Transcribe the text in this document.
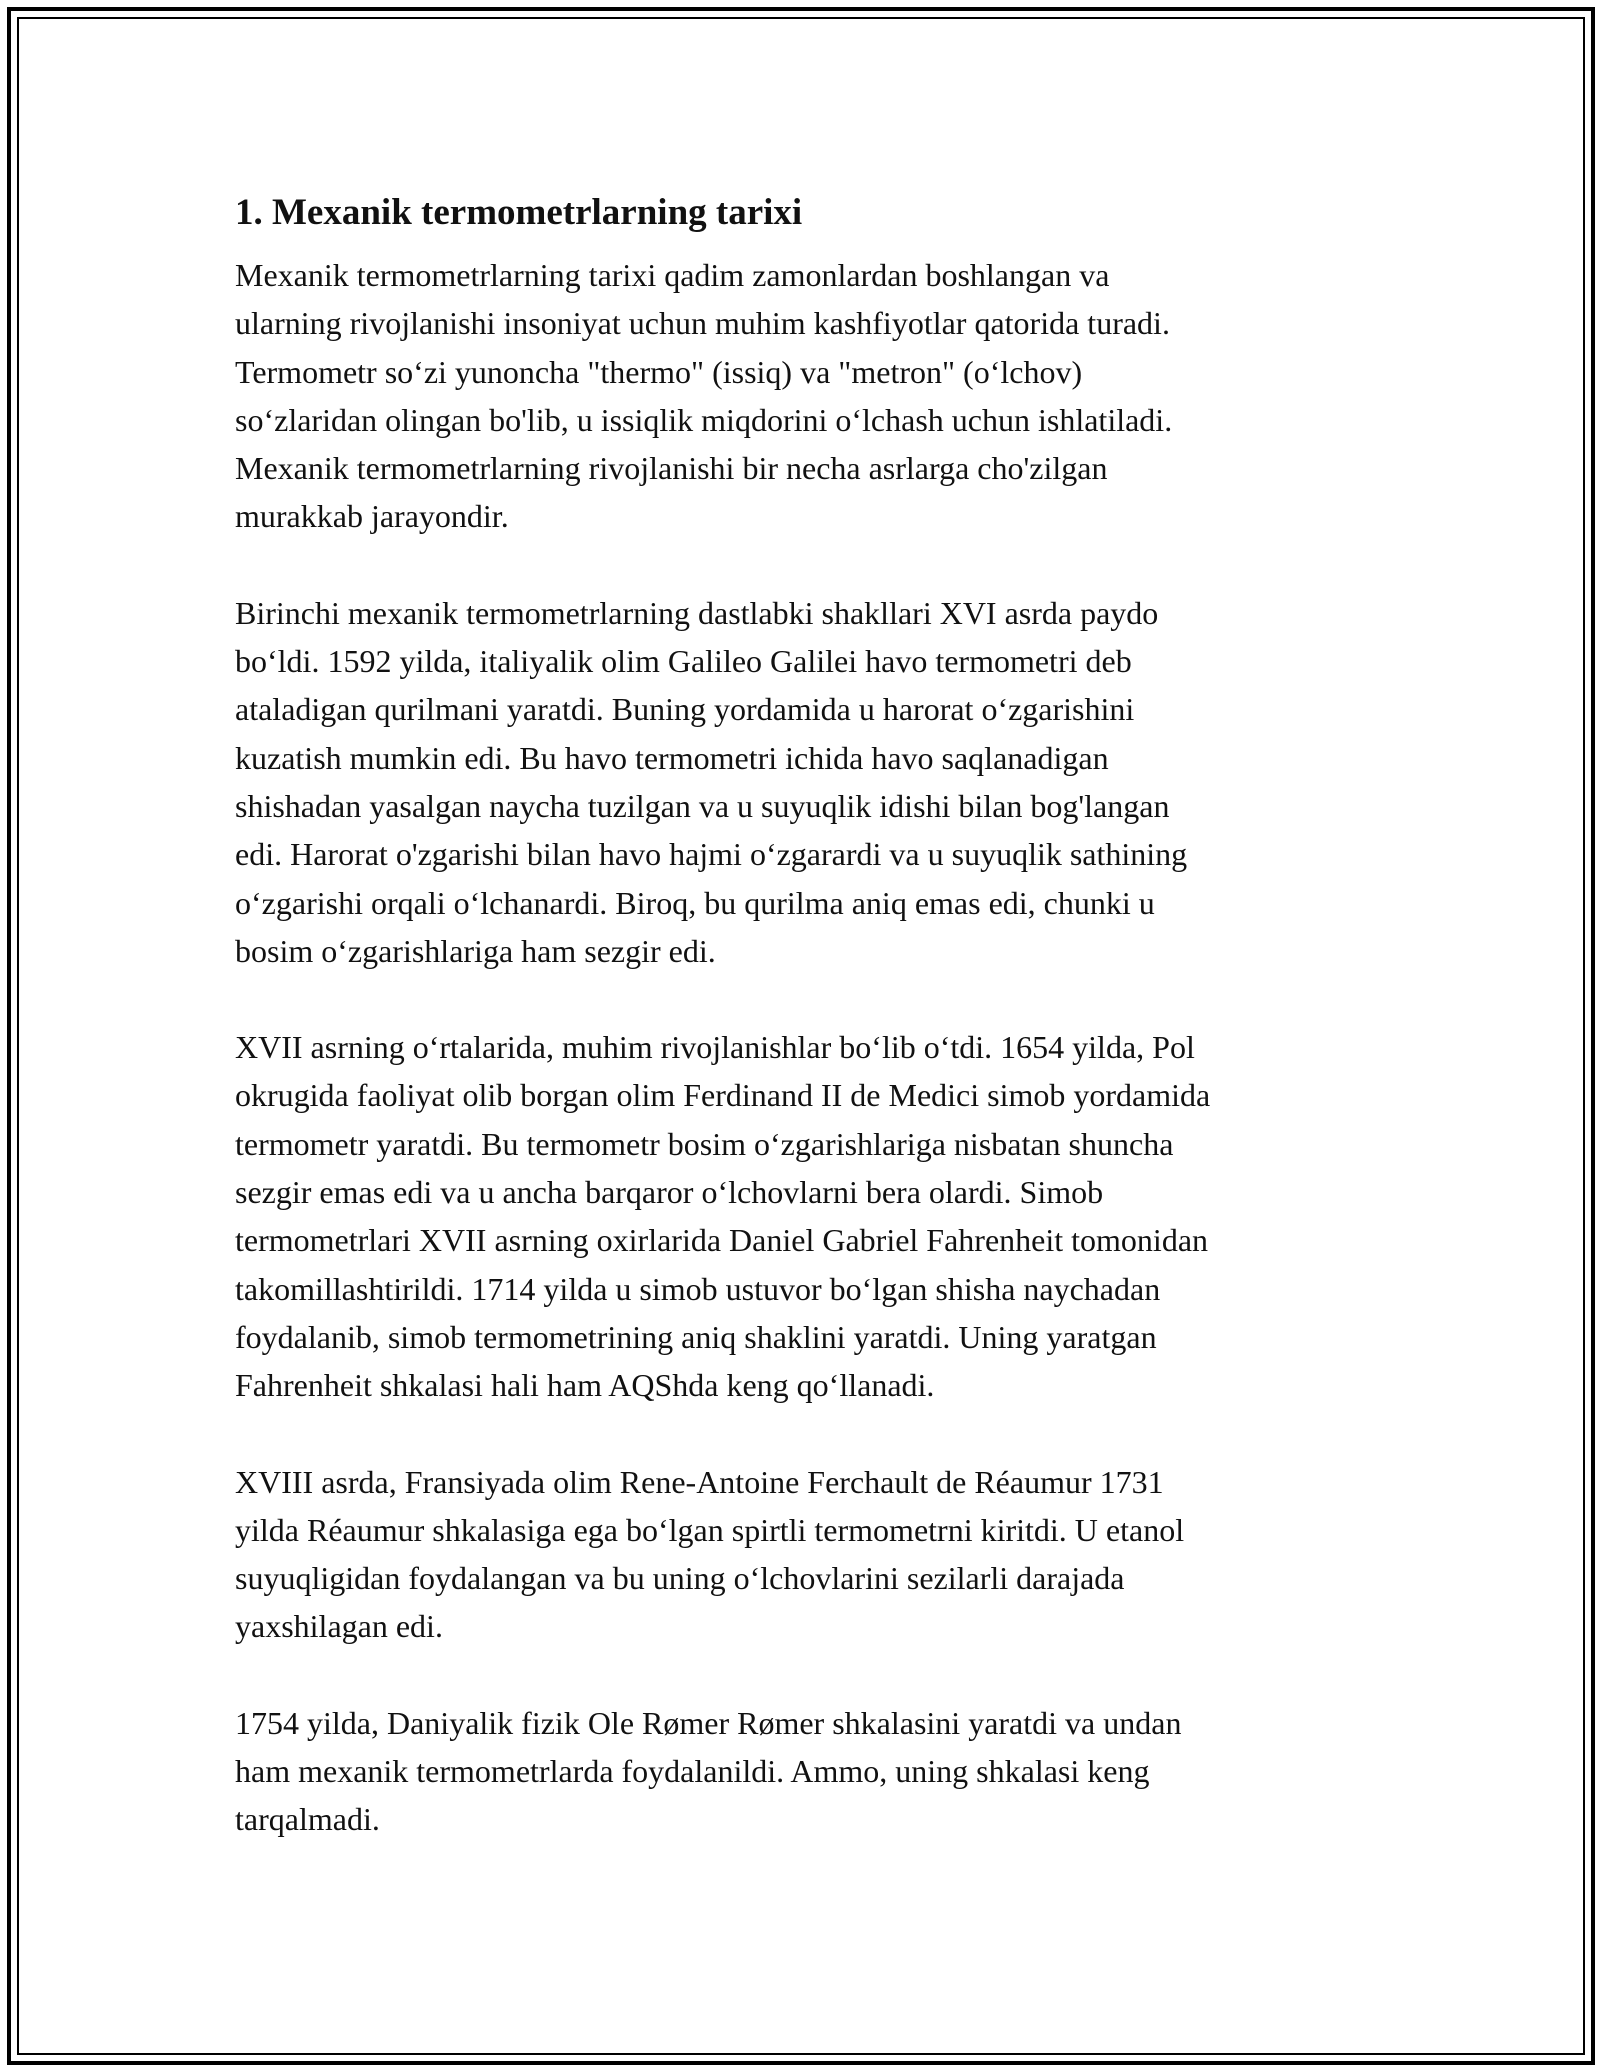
1. Mexanik termometrlarning tarixi

Mexanik termometrlarning tarixi qadim zamonlardan boshlangan va
ularning rivojlanishi insoniyat uchun muhim kashfiyotlar qatorida turadi.
Termometr so‘zi yunoncha "thermo" (issiq) va "metron" (o‘lchov)
so‘zlaridan olingan bo'lib, u issiqlik miqdorini o‘lchash uchun ishlatiladi.
Mexanik termometrlarning rivojlanishi bir necha asrlarga cho'zilgan
murakkab jarayondir.

Birinchi mexanik termometrlarning dastlabki shakllari XVI asrda paydo
bo‘ldi. 1592 yilda, italiyalik olim Galileo Galilei havo termometri deb
ataladigan qurilmani yaratdi. Buning yordamida u harorat o‘zgarishini
kuzatish mumkin edi. Bu havo termometri ichida havo saqlanadigan
shishadan yasalgan naycha tuzilgan va u suyuqlik idishi bilan bog'langan
edi. Harorat o'zgarishi bilan havo hajmi o‘zgarardi va u suyuqlik sathining
o‘zgarishi orqali o‘lchanardi. Biroq, bu qurilma aniq emas edi, chunki u
bosim o‘zgarishlariga ham sezgir edi.

XVII asrning o‘rtalarida, muhim rivojlanishlar bo‘lib o‘tdi. 1654 yilda, Pol
okrugida faoliyat olib borgan olim Ferdinand II de Medici simob yordamida
termometr yaratdi. Bu termometr bosim o‘zgarishlariga nisbatan shuncha
sezgir emas edi va u ancha barqaror o‘lchovlarni bera olardi. Simob
termometrlari XVII asrning oxirlarida Daniel Gabriel Fahrenheit tomonidan
takomillashtirildi. 1714 yilda u simob ustuvor bo‘lgan shisha naychadan
foydalanib, simob termometrining aniq shaklini yaratdi. Uning yaratgan
Fahrenheit shkalasi hali ham AQShda keng qo‘llanadi.

XVIII asrda, Fransiyada olim Rene-Antoine Ferchault de Réaumur 1731
yilda Réaumur shkalasiga ega bo‘lgan spirtli termometrni kiritdi. U etanol
suyuqligidan foydalangan va bu uning o‘lchovlarini sezilarli darajada
yaxshilagan edi.

1754 yilda, Daniyalik fizik Ole Rømer Rømer shkalasini yaratdi va undan
ham mexanik termometrlarda foydalanildi. Ammo, uning shkalasi keng
tarqalmadi.
